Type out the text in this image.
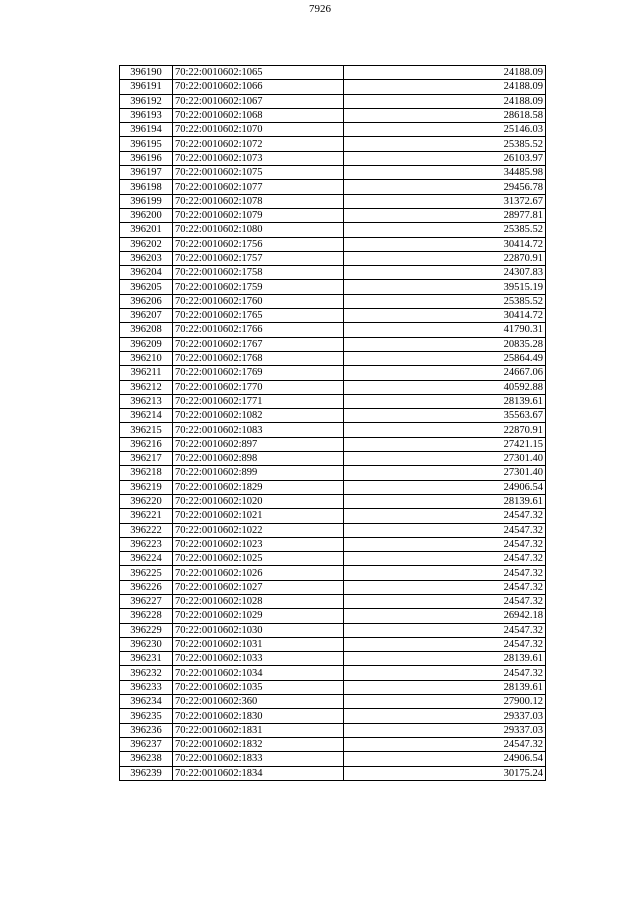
7926
396190	70:22:0010602:1065	24188.09
396191	70:22:0010602:1066	24188.09
396192	70:22:0010602:1067	24188.09
396193	70:22:0010602:1068	28618.58
396194	70:22:0010602:1070	25146.03
396195	70:22:0010602:1072	25385.52
396196	70:22:0010602:1073	26103.97
396197	70:22:0010602:1075	34485.98
396198	70:22:0010602:1077	29456.78
396199	70:22:0010602:1078	31372.67
396200	70:22:0010602:1079	28977.81
396201	70:22:0010602:1080	25385.52
396202	70:22:0010602:1756	30414.72
396203	70:22:0010602:1757	22870.91
396204	70:22:0010602:1758	24307.83
396205	70:22:0010602:1759	39515.19
396206	70:22:0010602:1760	25385.52
396207	70:22:0010602:1765	30414.72
396208	70:22:0010602:1766	41790.31
396209	70:22:0010602:1767	20835.28
396210	70:22:0010602:1768	25864.49
396211	70:22:0010602:1769	24667.06
396212	70:22:0010602:1770	40592.88
396213	70:22:0010602:1771	28139.61
396214	70:22:0010602:1082	35563.67
396215	70:22:0010602:1083	22870.91
396216	70:22:0010602:897	27421.15
396217	70:22:0010602:898	27301.40
396218	70:22:0010602:899	27301.40
396219	70:22:0010602:1829	24906.54
396220	70:22:0010602:1020	28139.61
396221	70:22:0010602:1021	24547.32
396222	70:22:0010602:1022	24547.32
396223	70:22:0010602:1023	24547.32
396224	70:22:0010602:1025	24547.32
396225	70:22:0010602:1026	24547.32
396226	70:22:0010602:1027	24547.32
396227	70:22:0010602:1028	24547.32
396228	70:22:0010602:1029	26942.18
396229	70:22:0010602:1030	24547.32
396230	70:22:0010602:1031	24547.32
396231	70:22:0010602:1033	28139.61
396232	70:22:0010602:1034	24547.32
396233	70:22:0010602:1035	28139.61
396234	70:22:0010602:360	27900.12
396235	70:22:0010602:1830	29337.03
396236	70:22:0010602:1831	29337.03
396237	70:22:0010602:1832	24547.32
396238	70:22:0010602:1833	24906.54
396239	70:22:0010602:1834	30175.24
